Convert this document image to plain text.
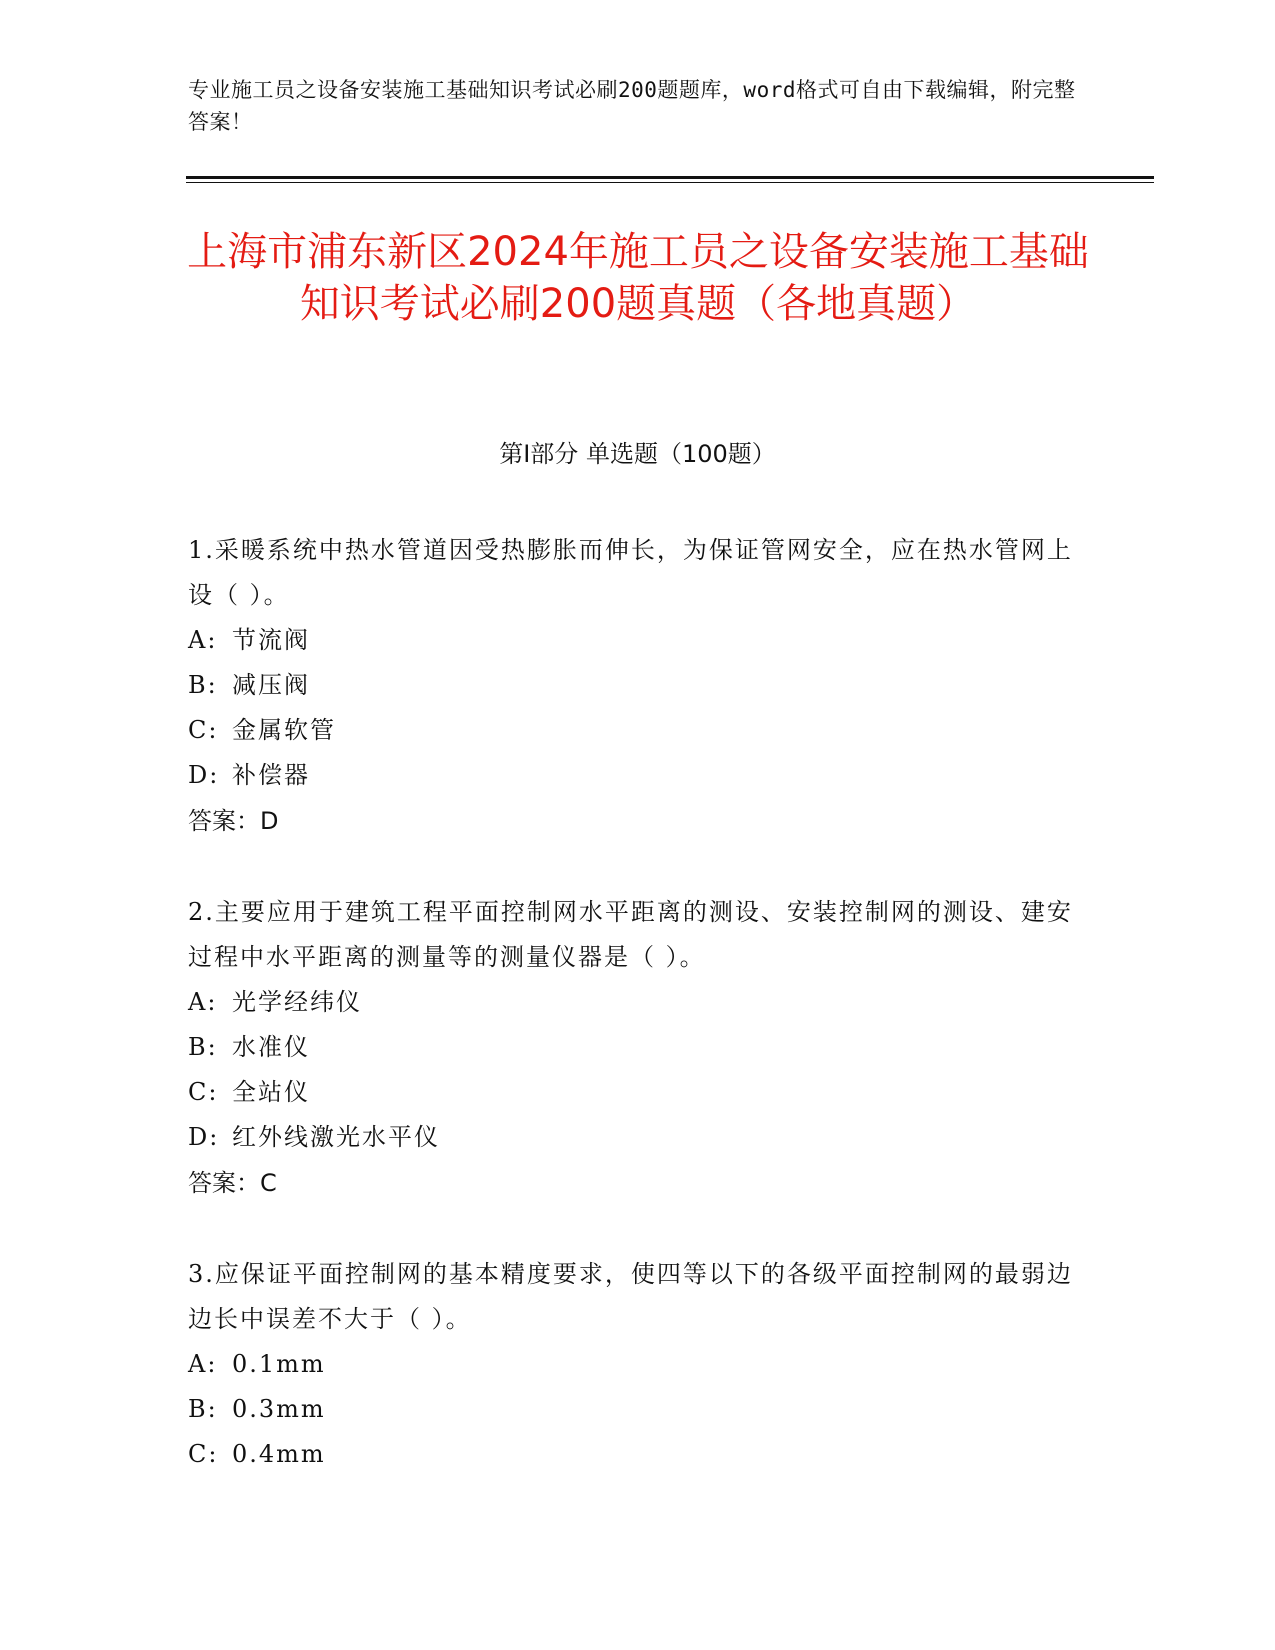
专业施工员之设备安装施工基础知识考试必刷200题题库，word格式可自由下载编辑，附完整答案！
上海市浦东新区2024年施工员之设备安装施工基础知识考试必刷200题真题（各地真题）
第I部分 单选题（100题）

1.采暖系统中热水管道因受热膨胀而伸长，为保证管网安全，应在热水管网上设（ ）。

A: 节流阀

B: 减压阀

C: 金属软管

D: 补偿器

答案：D

2.主要应用于建筑工程平面控制网水平距离的测设、安装控制网的测设、建安过程中水平距离的测量等的测量仪器是（ ）。

A: 光学经纬仪

B: 水准仪

C: 全站仪

D: 红外线激光水平仪

答案：C

3.应保证平面控制网的基本精度要求，使四等以下的各级平面控制网的最弱边边长中误差不大于（ ）。

A: 0.1mm

B: 0.3mm

C: 0.4mm
